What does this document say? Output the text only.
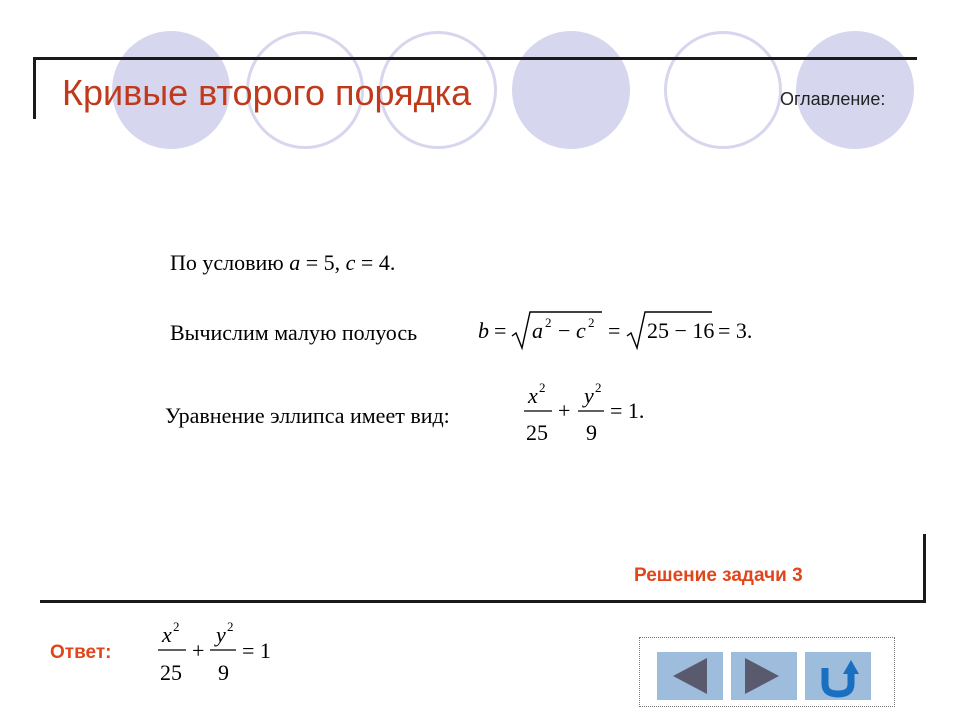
Кривые второго порядка	Оглавление:
По условию a = 5, c = 4.
Вычислим малую полуось	b = a 2 − c 2 = 25 − 16 = 3.
Уравнение эллипса имеет вид:
x 2
25
+
y 2
9
= 1.
Решение задачи 3
Ответ:
x 2
25
+
y 2
9
= 1
